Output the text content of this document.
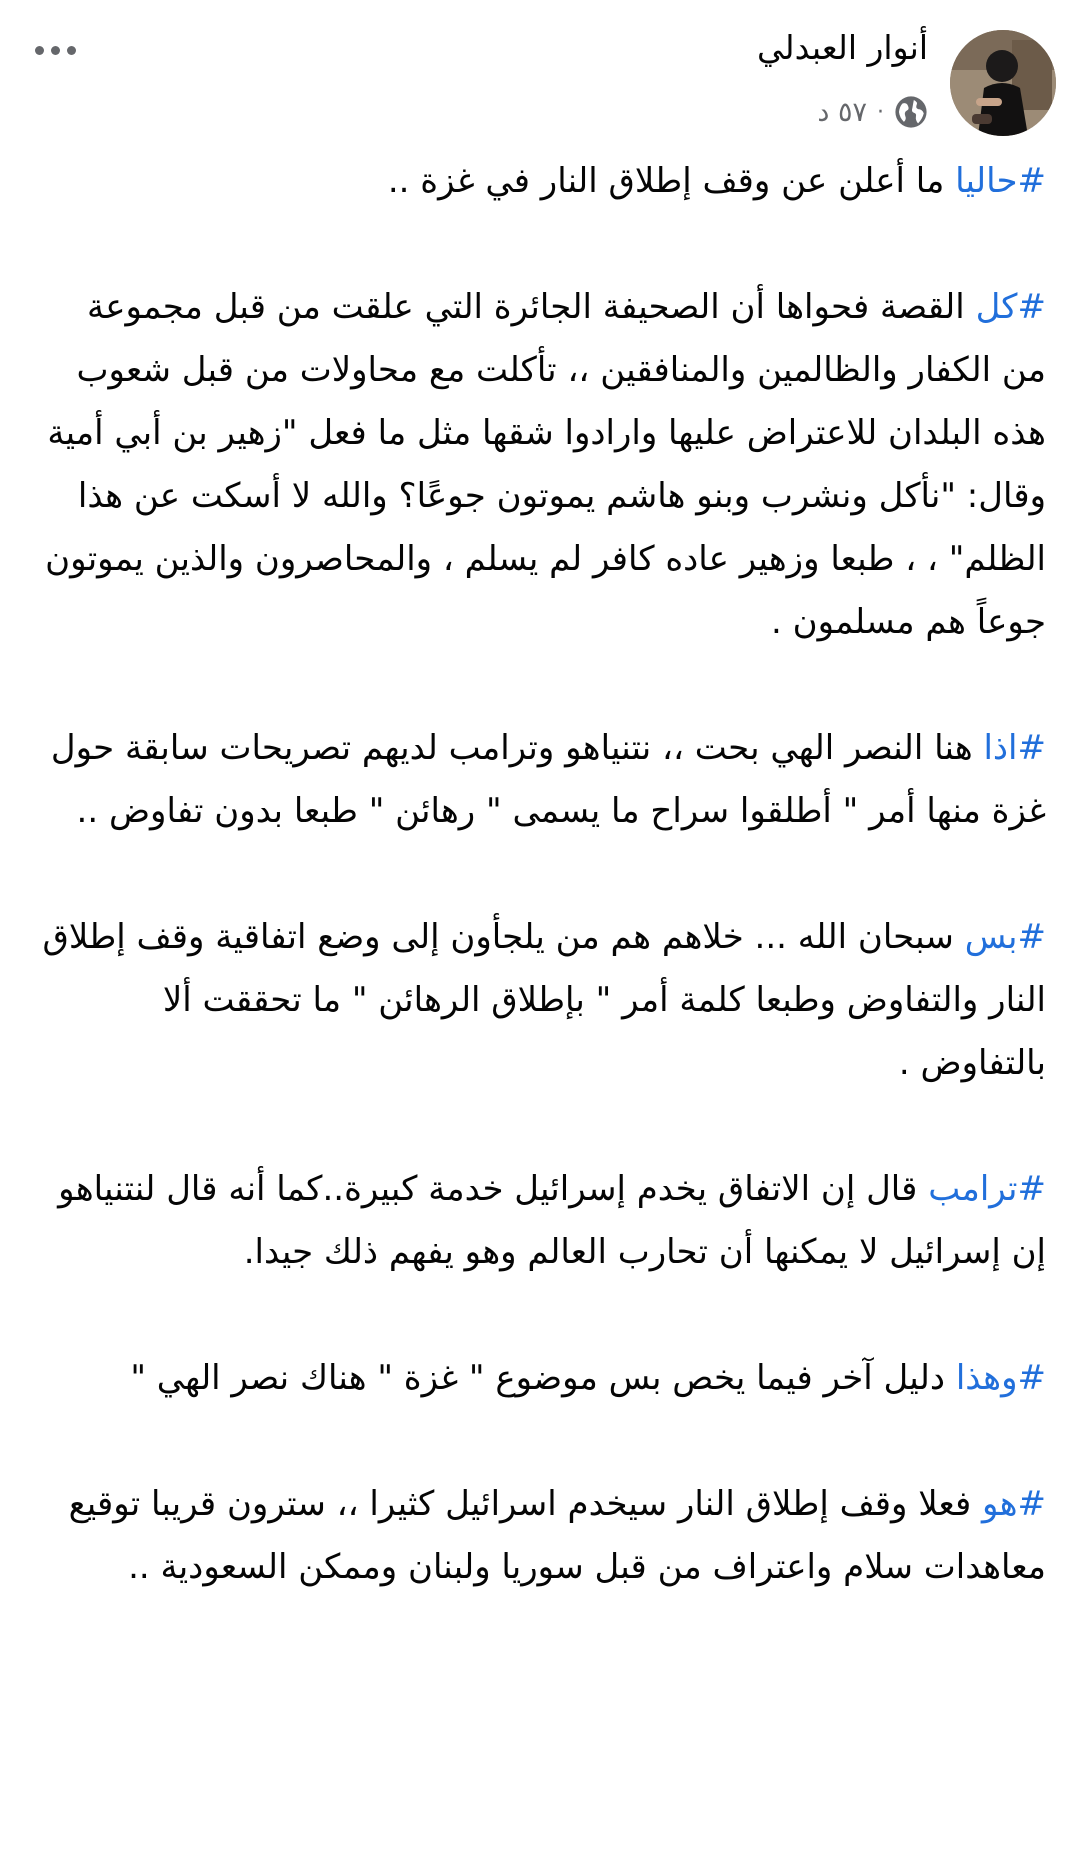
أنوار العبدلي
٥٧ د ·

#حاليا ما أعلن عن وقف إطلاق النار في غزة ..

#كل القصة فحواها أن الصحيفة الجائرة التي علقت من قبل مجموعة من الكفار والظالمين والمنافقين ،، تأكلت مع محاولات من قبل شعوب هذه البلدان للاعتراض عليها وارادوا شقها مثل ما فعل "زهير بن أبي أمية وقال: "نأكل ونشرب وبنو هاشم يموتون جوعًا؟ والله لا أسكت عن هذا الظلم" ، ، طبعا وزهير عاده كافر لم يسلم ، والمحاصرون والذين يموتون جوعاً هم مسلمون .

#اذا هنا النصر الهي بحت ،، نتنياهو وترامب لديهم تصريحات سابقة حول غزة منها أمر " أطلقوا سراح ما يسمى " رهائن " طبعا بدون تفاوض ..

#بس سبحان الله ... خلاهم هم من يلجأون إلى وضع اتفاقية وقف إطلاق النار والتفاوض وطبعا كلمة أمر " بإطلاق الرهائن " ما تحققت ألا بالتفاوض .

#ترامب قال إن الاتفاق يخدم إسرائيل خدمة كبيرة..كما أنه قال لنتنياهو إن إسرائيل لا يمكنها أن تحارب العالم وهو يفهم ذلك جيدا.

#وهذا دليل آخر فيما يخص بس موضوع " غزة " هناك نصر الهي "

#هو فعلا وقف إطلاق النار سيخدم اسرائيل كثيرا ،، سترون قريبا توقيع معاهدات سلام واعتراف من قبل سوريا ولبنان وممكن السعودية ..
